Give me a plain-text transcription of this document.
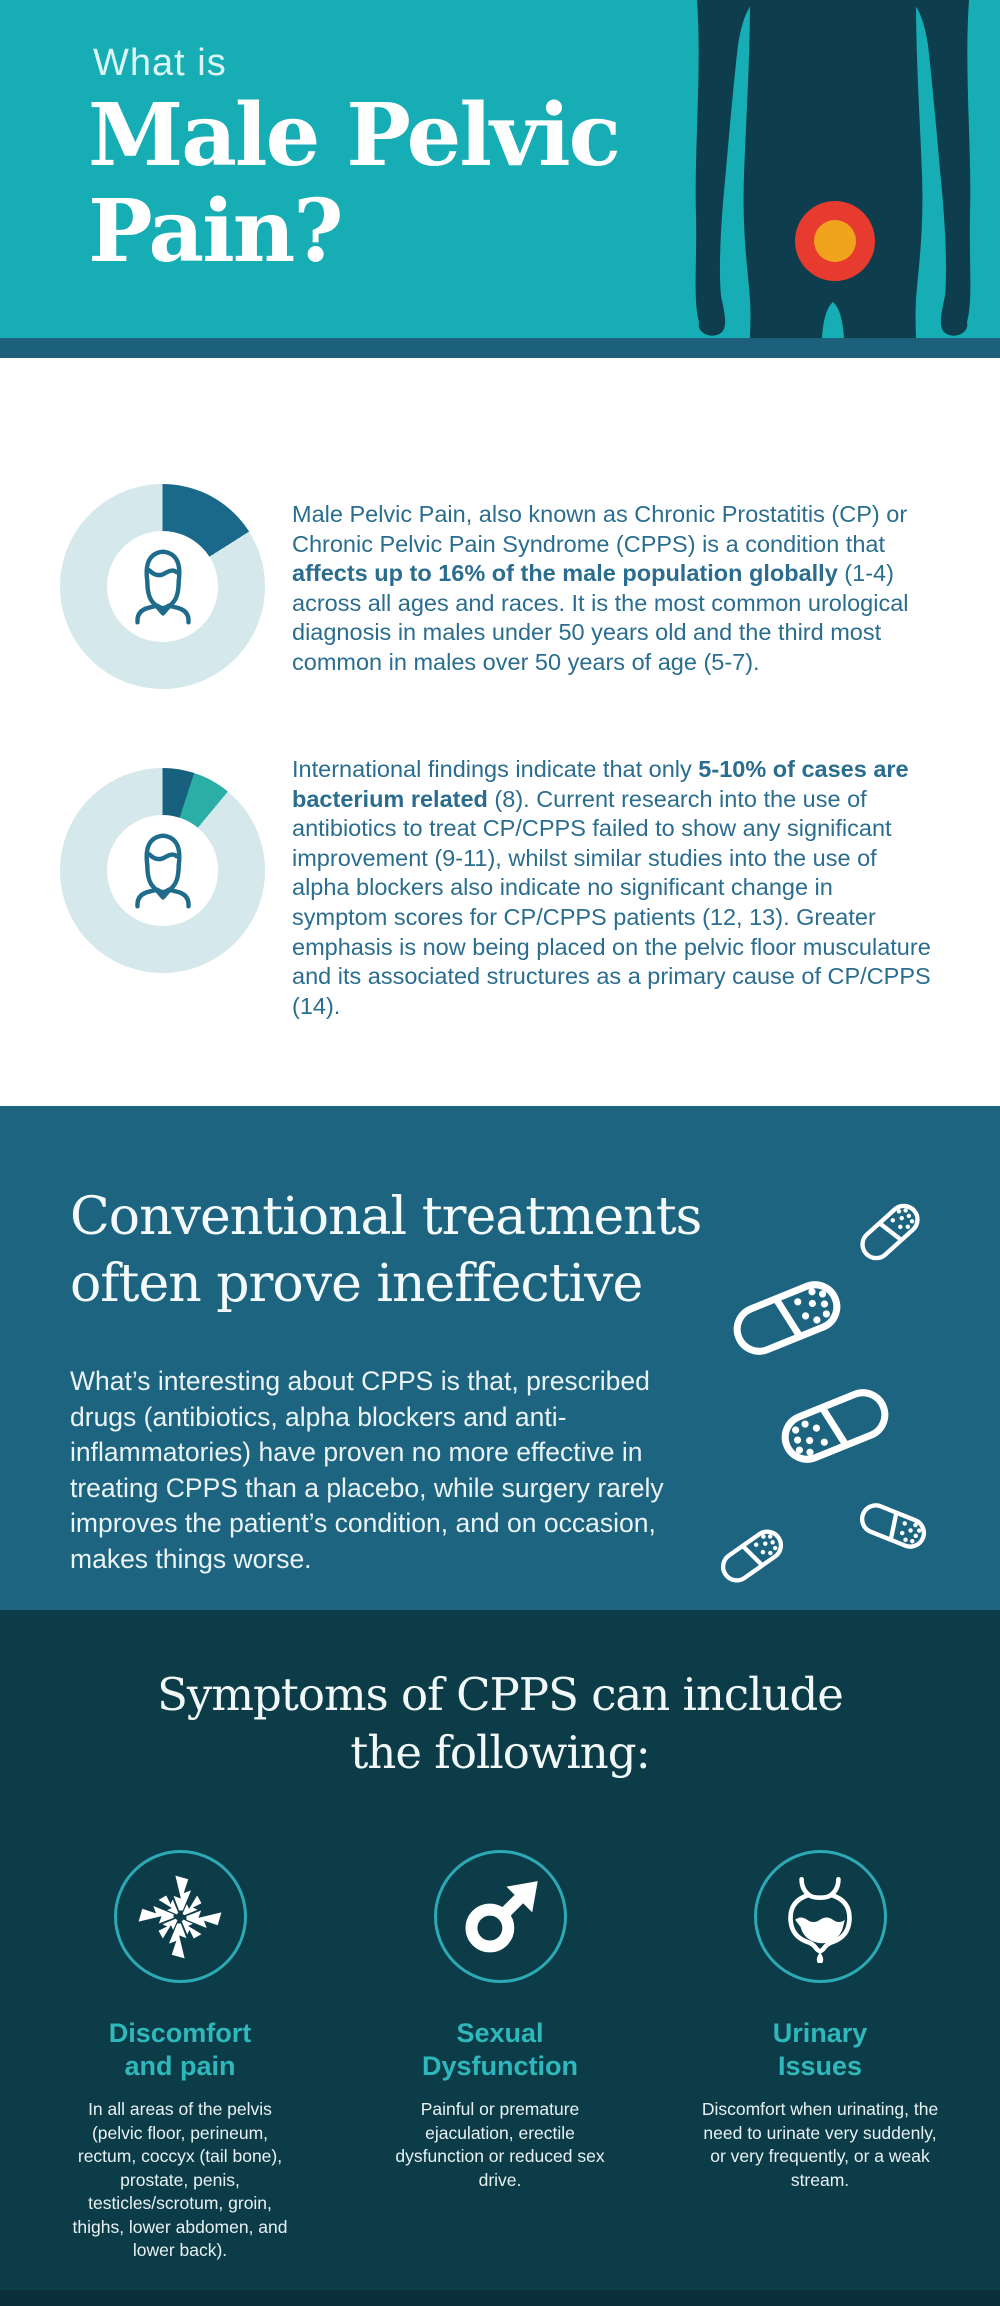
What is
Male Pelvic
Pain?
Male Pelvic Pain, also known as Chronic Prostatitis (CP) or Chronic Pelvic Pain Syndrome (CPPS) is a condition that affects up to 16% of the male population globally (1-4) across all ages and races. It is the most common urological diagnosis in males under 50 years old and the third most common in males over 50 years of age (5-7).
International findings indicate that only 5-10% of cases are bacterium related (8). Current research into the use of antibiotics to treat CP/CPPS failed to show any significant improvement (9-11), whilst similar studies into the use of alpha blockers also indicate no significant change in symptom scores for CP/CPPS patients (12, 13). Greater emphasis is now being placed on the pelvic floor musculature and its associated structures as a primary cause of CP/CPPS (14).
Conventional treatments
often prove ineffective
What’s interesting about CPPS is that, prescribed drugs (antibiotics, alpha blockers and anti-inflammatories) have proven no more effective in treating CPPS than a placebo, while surgery rarely improves the patient’s condition, and on occasion, makes things worse.
Symptoms of CPPS can include
the following:
Discomfort
and pain
In all areas of the pelvis (pelvic floor, perineum, rectum, coccyx (tail bone), prostate, penis, testicles/scrotum, groin, thighs, lower abdomen, and lower back).
Sexual
Dysfunction
Painful or premature ejaculation, erectile dysfunction or reduced sex drive.
Urinary
Issues
Discomfort when urinating, the need to urinate very suddenly, or very frequently, or a weak stream.
